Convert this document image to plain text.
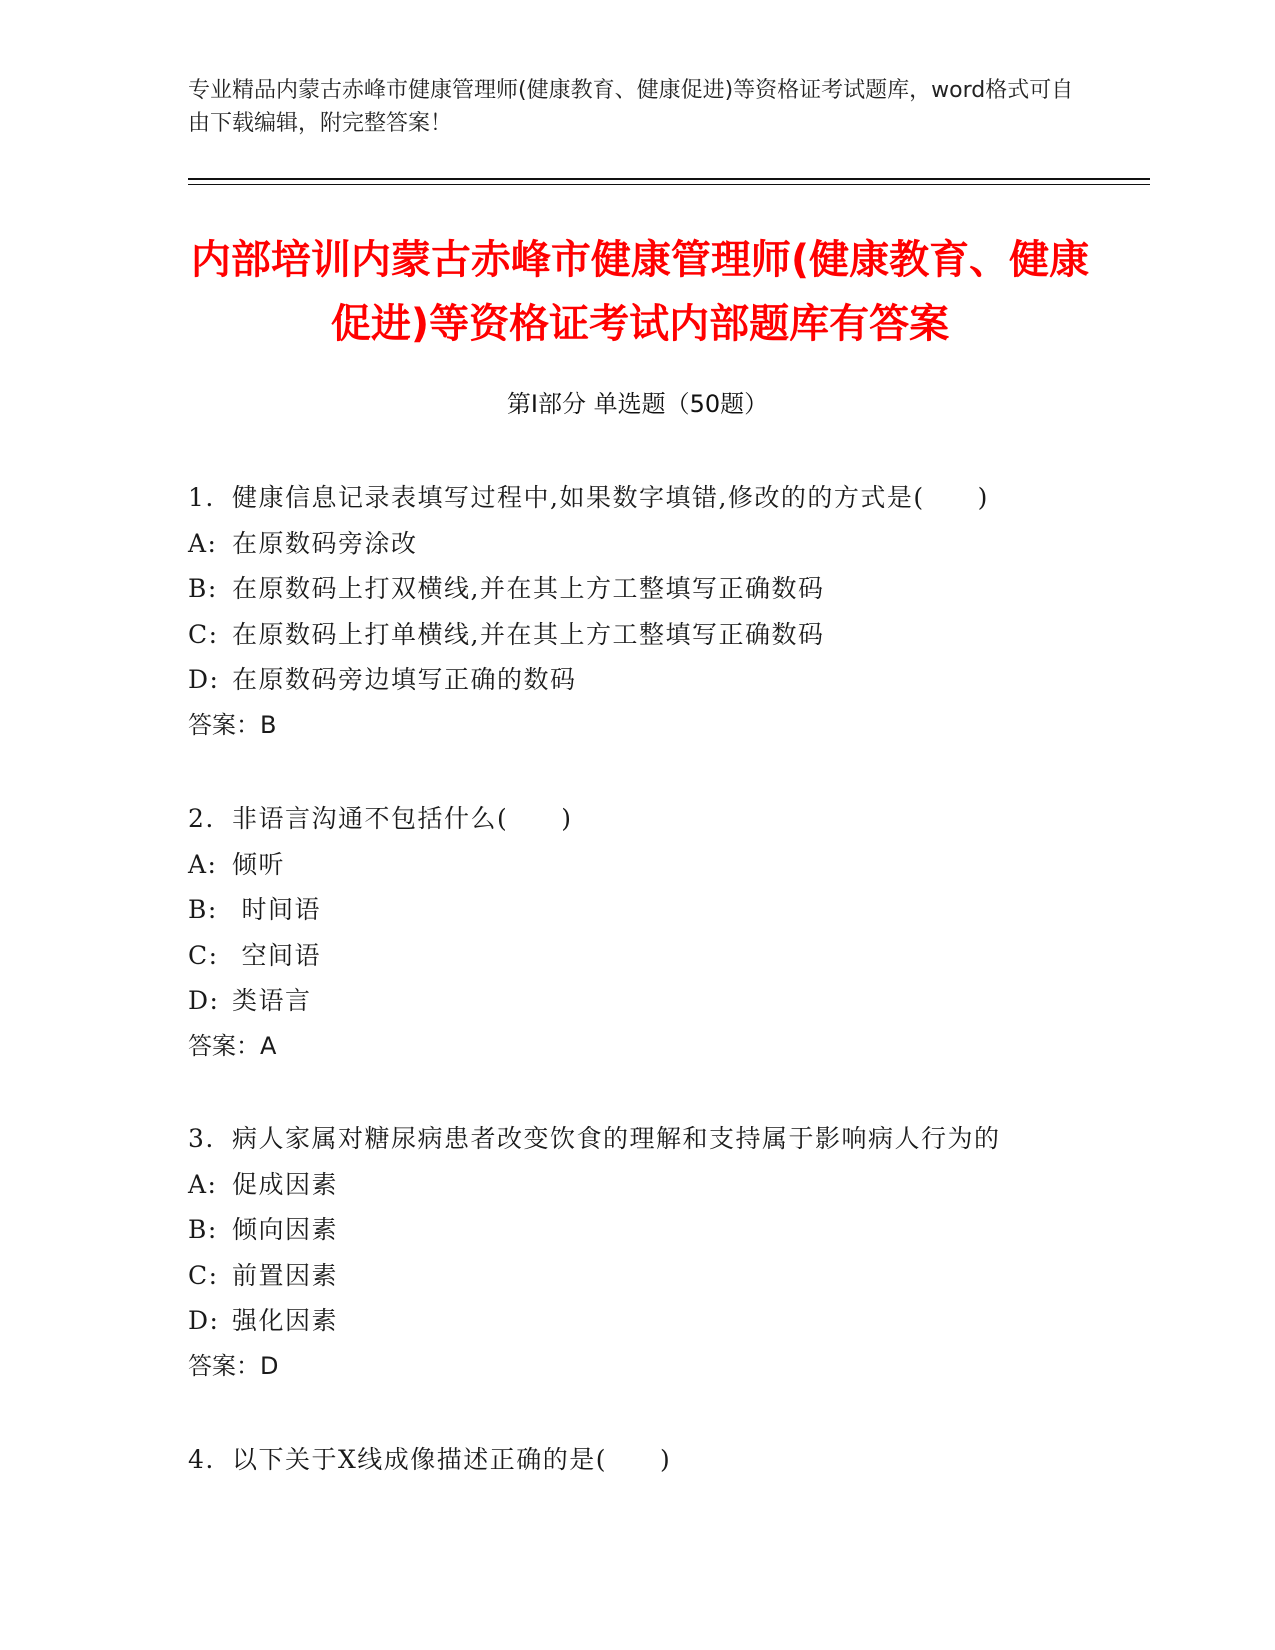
专业精品内蒙古赤峰市健康管理师(健康教育、健康促进)等资格证考试题库，word格式可自由下载编辑，附完整答案！
内部培训内蒙古赤峰市健康管理师(健康教育、健康促进)等资格证考试内部题库有答案
第Ⅰ部分 单选题（50题）
1. 健康信息记录表填写过程中,如果数字填错,修改的的方式是(　　)
A: 在原数码旁涂改
B: 在原数码上打双横线,并在其上方工整填写正确数码
C: 在原数码上打单横线,并在其上方工整填写正确数码
D: 在原数码旁边填写正确的数码
答案：B
2. 非语言沟通不包括什么(　　)
A: 倾听
B: 时间语
C: 空间语
D: 类语言
答案：A
3. 病人家属对糖尿病患者改变饮食的理解和支持属于影响病人行为的
A: 促成因素
B: 倾向因素
C: 前置因素
D: 强化因素
答案：D
4. 以下关于Ⅹ线成像描述正确的是(　　)
